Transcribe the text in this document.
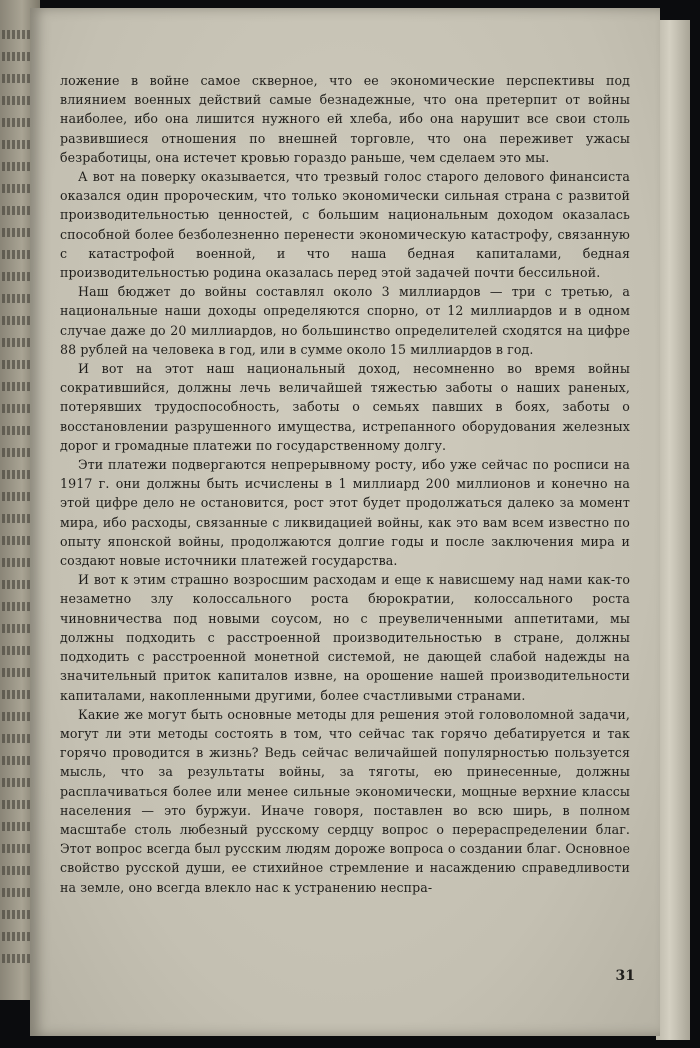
ложение в войне самое скверное, что ее экономические перспективы под влиянием военных действий самые безнадежные, что она претерпит от войны наиболее, ибо она лишится нужного ей хлеба, ибо она нарушит все свои столь развившиеся отношения по внешней торговле, что она переживет ужасы безработицы, она истечет кровью гораздо раньше, чем сделаем это мы.

А вот на поверку оказывается, что трезвый голос старого делового финансиста оказался один пророческим, что только экономически сильная страна с развитой производительностью ценностей, с большим национальным доходом оказалась способной более безболезненно перенести экономическую катастрофу, связанную с катастрофой военной, и что наша бедная капиталами, бедная производительностью родина оказалась перед этой задачей почти бессильной.

Наш бюджет до войны составлял около 3 миллиардов — три с третью, а национальные наши доходы определяются спорно, от 12 миллиардов и в одном случае даже до 20 миллиардов, но большинство определителей сходятся на цифре 88 рублей на человека в год, или в сумме около 15 миллиардов в год.

И вот на этот наш национальный доход, несомненно во время войны сократившийся, должны лечь величайшей тяжестью заботы о наших раненых, потерявших трудоспособность, заботы о семьях павших в боях, заботы о восстановлении разрушенного имущества, истрепанного оборудования железных дорог и громадные платежи по государственному долгу.

Эти платежи подвергаются непрерывному росту, ибо уже сейчас по росписи на 1917 г. они должны быть исчислены в 1 миллиард 200 миллионов и конечно на этой цифре дело не остановится, рост этот будет продолжаться далеко за момент мира, ибо расходы, связанные с ликвидацией войны, как это вам всем известно по опыту японской войны, продолжаются долгие годы и после заключения мира и создают новые источники платежей государства.

И вот к этим страшно возросшим расходам и еще к нависшему над нами как-то незаметно злу колоссального роста бюрократии, колоссального роста чиновничества под новыми соусом, но с преувеличенными аппетитами, мы должны подходить с расстроенной производительностью в стране, должны подходить с расстроенной монетной системой, не дающей слабой надежды на значительный приток капиталов извне, на орошение нашей производительности капиталами, накопленными другими, более счастливыми странами.

Какие же могут быть основные методы для решения этой головоломной задачи, могут ли эти методы состоять в том, что сейчас так горячо дебатируется и так горячо проводится в жизнь? Ведь сейчас величайшей популярностью пользуется мысль, что за результаты войны, за тяготы, ею принесенные, должны расплачиваться более или менее сильные экономически, мощные верхние классы населения — это буржуи. Иначе говоря, поставлен во всю ширь, в полном масштабе столь любезный русскому сердцу вопрос о перераспределении благ. Этот вопрос всегда был русским людям дороже вопроса о создании благ. Основное свойство русской души, ее стихийное стремление и насаждению справедливости на земле, оно всегда влекло нас к устранению неспра-

31
